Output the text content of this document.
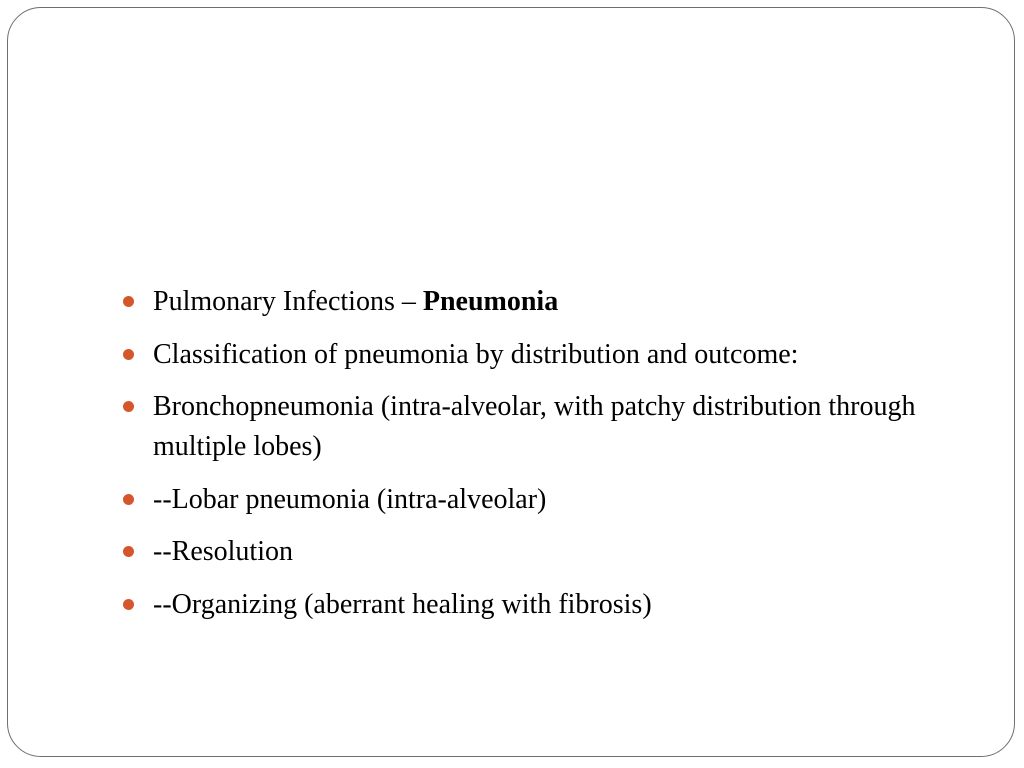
Pulmonary Infections – Pneumonia
Classification of pneumonia by distribution and outcome:
Bronchopneumonia (intra-alveolar, with patchy distribution through multiple lobes)
--Lobar pneumonia (intra-alveolar)
--Resolution
--Organizing (aberrant healing with fibrosis)
